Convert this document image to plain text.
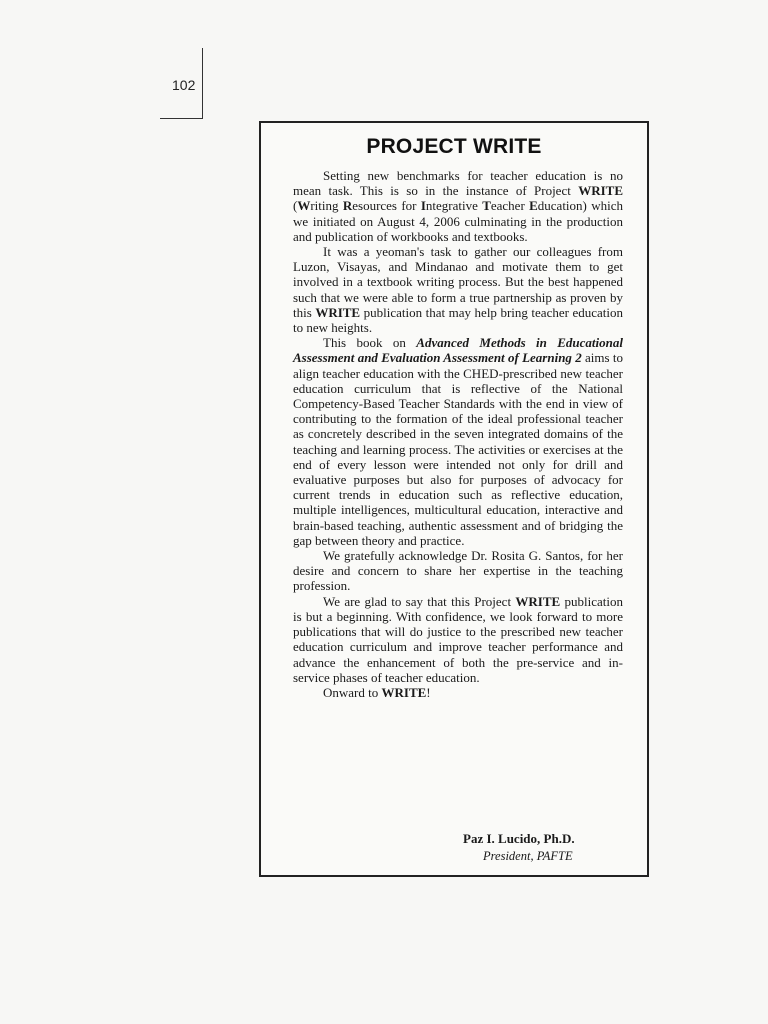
102
PROJECT WRITE

Setting new benchmarks for teacher education is no mean task. This is so in the instance of Project WRITE (Writing Resources for Integrative Teacher Education) which we initiated on August 4, 2006 culminating in the production and publication of workbooks and textbooks.

It was a yeoman's task to gather our colleagues from Luzon, Visayas, and Mindanao and motivate them to get involved in a textbook writing process. But the best happened such that we were able to form a true partnership as proven by this WRITE publication that may help bring teacher education to new heights.

This book on Advanced Methods in Educational Assessment and Evaluation Assessment of Learning 2 aims to align teacher education with the CHED-prescribed new teacher education curriculum that is reflective of the National Competency-Based Teacher Standards with the end in view of contributing to the formation of the ideal professional teacher as concretely described in the seven integrated domains of the teaching and learning process. The activities or exercises at the end of every lesson were intended not only for drill and evaluative purposes but also for purposes of advocacy for current trends in education such as reflective education, multiple intelligences, multicultural education, interactive and brain-based teaching, authentic assessment and of bridging the gap between theory and practice.

We gratefully acknowledge Dr. Rosita G. Santos, for her desire and concern to share her expertise in the teaching profession.

We are glad to say that this Project WRITE publication is but a beginning. With confidence, we look forward to more publications that will do justice to the prescribed new teacher education curriculum and improve teacher performance and advance the enhancement of both the pre-service and in-service phases of teacher education.

Onward to WRITE!

Paz I. Lucido, Ph.D.
President, PAFTE
